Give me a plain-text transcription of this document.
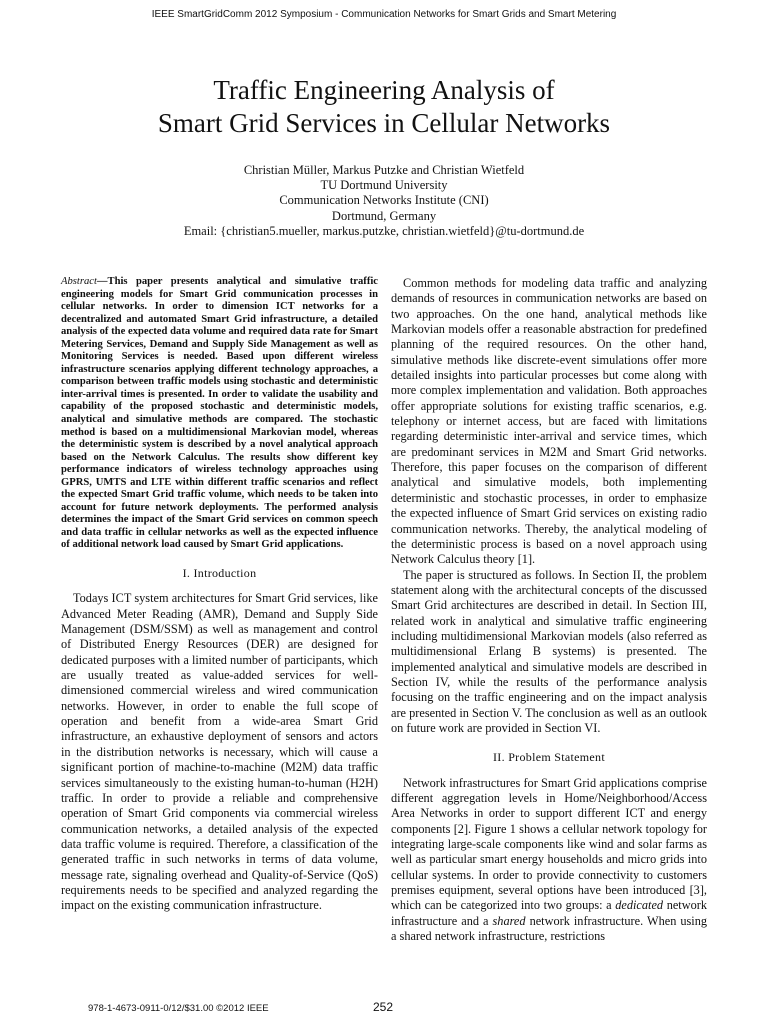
IEEE SmartGridComm 2012 Symposium - Communication Networks for Smart Grids and Smart Metering
Traffic Engineering Analysis of
Smart Grid Services in Cellular Networks
Christian Müller, Markus Putzke and Christian Wietfeld
TU Dortmund University
Communication Networks Institute (CNI)
Dortmund, Germany
Email: {christian5.mueller, markus.putzke, christian.wietfeld}@tu-dortmund.de

Abstract—This paper presents analytical and simulative traffic engineering models for Smart Grid communication processes in cellular networks. In order to dimension ICT networks for a decentralized and automated Smart Grid infrastructure, a detailed analysis of the expected data volume and required data rate for Smart Metering Services, Demand and Supply Side Management as well as Monitoring Services is needed. Based upon different wireless infrastructure scenarios applying different technology approaches, a comparison between traffic models using stochastic and deterministic inter-arrival times is presented. In order to validate the usability and capability of the proposed stochastic and deterministic models, analytical and simulative methods are compared. The stochastic method is based on a multidimensional Markovian model, whereas the deterministic system is described by a novel analytical approach based on the Network Calculus. The results show different key performance indicators of wireless technology approaches using GPRS, UMTS and LTE within different traffic scenarios and reflect the expected Smart Grid traffic volume, which needs to be taken into account for future network deployments. The performed analysis determines the impact of the Smart Grid services on common speech and data traffic in cellular networks as well as the expected influence of additional network load caused by Smart Grid applications.

I. Introduction

Todays ICT system architectures for Smart Grid services, like Advanced Meter Reading (AMR), Demand and Supply Side Management (DSM/SSM) as well as management and control of Distributed Energy Resources (DER) are designed for dedicated purposes with a limited number of participants, which are usually treated as value-added services for well-dimensioned commercial wireless and wired communication networks. However, in order to enable the full scope of operation and benefit from a wide-area Smart Grid infrastructure, an exhaustive deployment of sensors and actors in the distribution networks is necessary, which will cause a significant portion of machine-to-machine (M2M) data traffic services simultaneously to the existing human-to-human (H2H) traffic. In order to provide a reliable and comprehensive operation of Smart Grid components via commercial wireless communication networks, a detailed analysis of the expected data traffic volume is required. Therefore, a classification of the generated traffic in such networks in terms of data volume, message rate, signaling overhead and Quality-of-Service (QoS) requirements needs to be specified and analyzed regarding the impact on the existing communication infrastructure.

Common methods for modeling data traffic and analyzing demands of resources in communication networks are based on two approaches. On the one hand, analytical methods like Markovian models offer a reasonable abstraction for predefined planning of the required resources. On the other hand, simulative methods like discrete-event simulations offer more detailed insights into particular processes but come along with more complex implementation and validation. Both approaches offer appropriate solutions for existing traffic scenarios, e.g. telephony or internet access, but are faced with limitations regarding deterministic inter-arrival and service times, which are predominant services in M2M and Smart Grid networks. Therefore, this paper focuses on the comparison of different analytical and simulative models, both implementing deterministic and stochastic processes, in order to emphasize the expected influence of Smart Grid services on existing radio communication networks. Thereby, the analytical modeling of the deterministic process is based on a novel approach using Network Calculus theory [1].

The paper is structured as follows. In Section II, the problem statement along with the architectural concepts of the discussed Smart Grid architectures are described in detail. In Section III, related work in analytical and simulative traffic engineering including multidimensional Markovian models (also referred as multidimensional Erlang B systems) is presented. The implemented analytical and simulative models are described in Section IV, while the results of the performance analysis focusing on the traffic engineering and on the impact analysis are presented in Section V. The conclusion as well as an outlook on future work are provided in Section VI.

II. Problem Statement

Network infrastructures for Smart Grid applications comprise different aggregation levels in Home/Neighborhood/Access Area Networks in order to support different ICT and energy components [2]. Figure 1 shows a cellular network topology for integrating large-scale components like wind and solar farms as well as particular smart energy households and micro grids into cellular systems. In order to provide connectivity to customers premises equipment, several options have been introduced [3], which can be categorized into two groups: a dedicated network infrastructure and a shared network infrastructure. When using a shared network infrastructure, restrictions

978-1-4673-0911-0/12/$31.00 ©2012 IEEE	252
